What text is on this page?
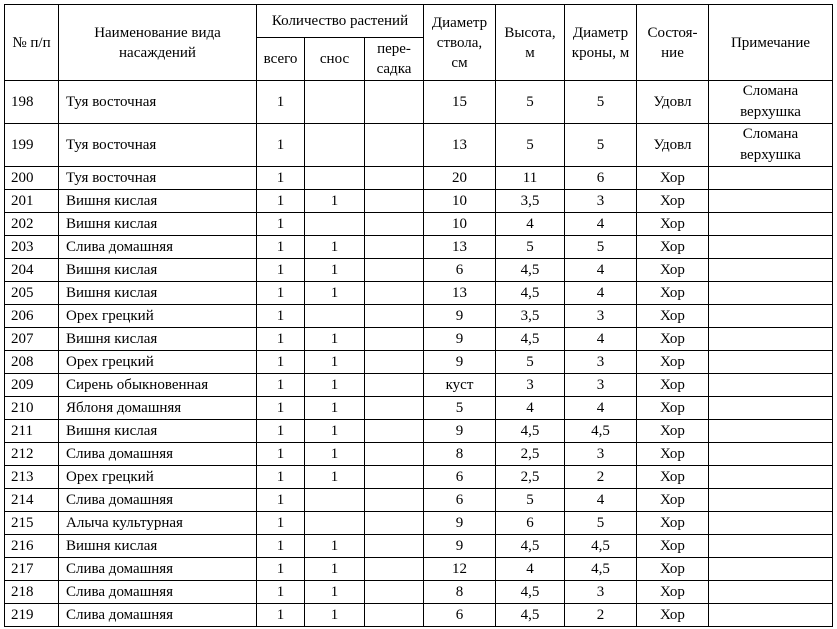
№ п/п	Наименование вида насаждений	Количество растений			Диаметр ствола, см	Высота, м	Диаметр кроны, м	Состоя-ние	Примечание
		всего	снос	пере-садка					
198	Туя восточная	1			15	5	5	Удовл	Сломана верхушка
199	Туя восточная	1			13	5	5	Удовл	Сломана верхушка
200	Туя восточная	1			20	11	6	Хор	
201	Вишня кислая	1	1		10	3,5	3	Хор	
202	Вишня кислая	1			10	4	4	Хор	
203	Слива домашняя	1	1		13	5	5	Хор	
204	Вишня кислая	1	1		6	4,5	4	Хор	
205	Вишня кислая	1	1		13	4,5	4	Хор	
206	Орех грецкий	1			9	3,5	3	Хор	
207	Вишня кислая	1	1		9	4,5	4	Хор	
208	Орех грецкий	1	1		9	5	3	Хор	
209	Сирень обыкновенная	1	1		куст	3	3	Хор	
210	Яблоня домашняя	1	1		5	4	4	Хор	
211	Вишня кислая	1	1		9	4,5	4,5	Хор	
212	Слива домашняя	1	1		8	2,5	3	Хор	
213	Орех грецкий	1	1		6	2,5	2	Хор	
214	Слива домашняя	1			6	5	4	Хор	
215	Алыча культурная	1			9	6	5	Хор	
216	Вишня кислая	1	1		9	4,5	4,5	Хор	
217	Слива домашняя	1	1		12	4	4,5	Хор	
218	Слива домашняя	1	1		8	4,5	3	Хор	
219	Слива домашняя	1	1		6	4,5	2	Хор	
